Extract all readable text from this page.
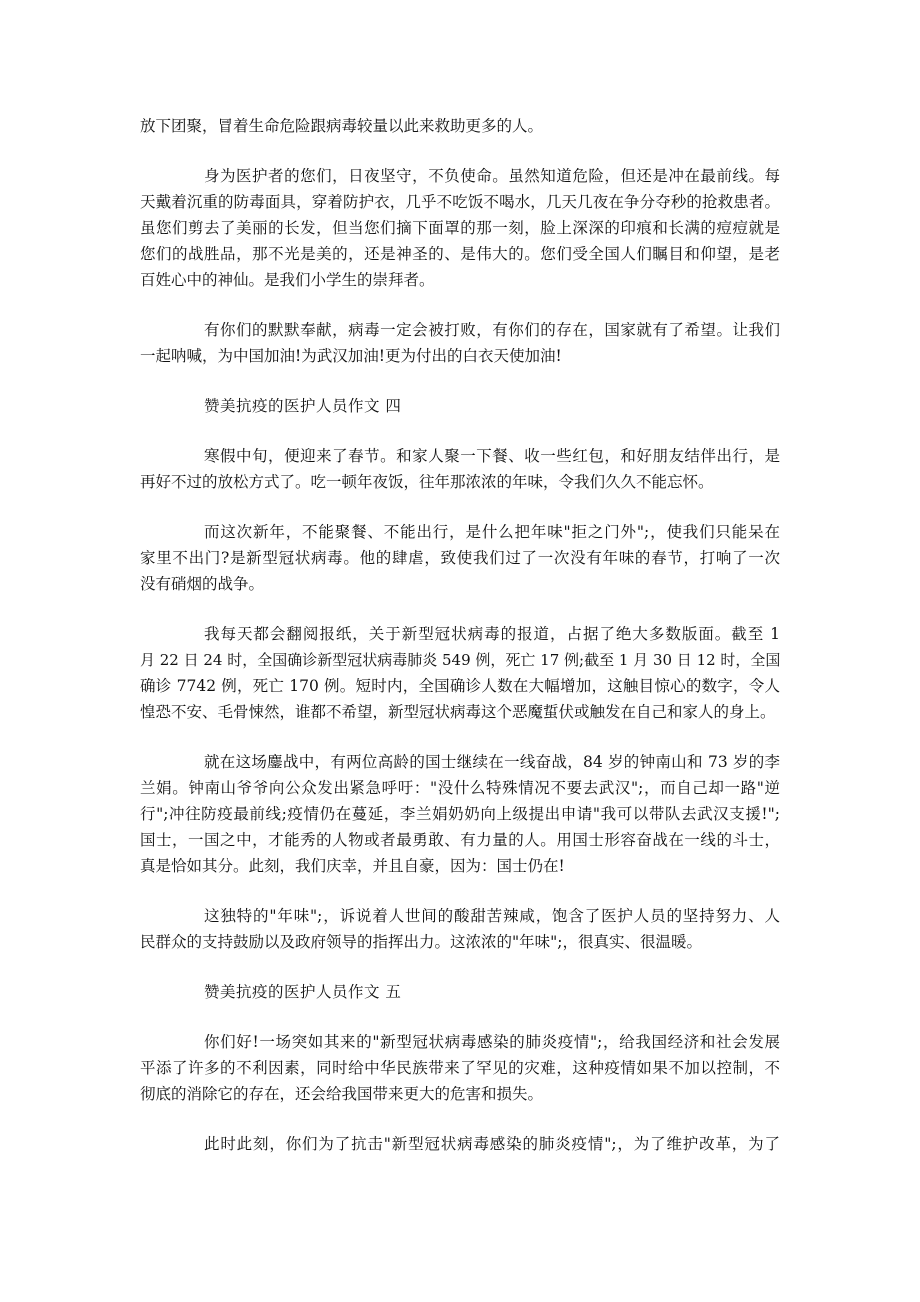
放下团聚，冒着生命危险跟病毒较量以此来救助更多的人。
身为医护者的您们，日夜坚守，不负使命。虽然知道危险，但还是冲在最前线。每
天戴着沉重的防毒面具，穿着防护衣，几乎不吃饭不喝水，几天几夜在争分夺秒的抢救患者。
虽您们剪去了美丽的长发，但当您们摘下面罩的那一刻，脸上深深的印痕和长满的痘痘就是
您们的战胜品，那不光是美的，还是神圣的、是伟大的。您们受全国人们瞩目和仰望，是老
百姓心中的神仙。是我们小学生的崇拜者。
有你们的默默奉献，病毒一定会被打败，有你们的存在，国家就有了希望。让我们
一起呐喊，为中国加油!为武汉加油!更为付出的白衣天使加油!
赞美抗疫的医护人员作文 四
寒假中旬，便迎来了春节。和家人聚一下餐、收一些红包，和好朋友结伴出行，是
再好不过的放松方式了。吃一顿年夜饭，往年那浓浓的年味，令我们久久不能忘怀。
而这次新年，不能聚餐、不能出行，是什么把年味"拒之门外";，使我们只能呆在
家里不出门?是新型冠状病毒。他的肆虐，致使我们过了一次没有年味的春节，打响了一次
没有硝烟的战争。
我每天都会翻阅报纸，关于新型冠状病毒的报道，占据了绝大多数版面。截至 1
月 22 日 24 时，全国确诊新型冠状病毒肺炎 549 例，死亡 17 例;截至 1 月 30 日 12 时，全国
确诊 7742 例，死亡 170 例。短时内，全国确诊人数在大幅增加，这触目惊心的数字，令人
惶恐不安、毛骨悚然，谁都不希望，新型冠状病毒这个恶魔蜇伏或触发在自己和家人的身上。
就在这场鏖战中，有两位高龄的国士继续在一线奋战，84 岁的钟南山和 73 岁的李
兰娟。钟南山爷爷向公众发出紧急呼吁："没什么特殊情况不要去武汉";，而自己却一路"逆
行";冲往防疫最前线;疫情仍在蔓延，李兰娟奶奶向上级提出申请"我可以带队去武汉支援!";
国士，一国之中，才能秀的人物或者最勇敢、有力量的人。用国士形容奋战在一线的斗士，
真是恰如其分。此刻，我们庆幸，并且自豪，因为：国士仍在!
这独特的"年味";，诉说着人世间的酸甜苦辣咸，饱含了医护人员的坚持努力、人
民群众的支持鼓励以及政府领导的指挥出力。这浓浓的"年味";，很真实、很温暖。
赞美抗疫的医护人员作文 五
你们好!一场突如其来的"新型冠状病毒感染的肺炎疫情";，给我国经济和社会发展
平添了许多的不利因素，同时给中华民族带来了罕见的灾难，这种疫情如果不加以控制，不
彻底的消除它的存在，还会给我国带来更大的危害和损失。
此时此刻，你们为了抗击"新型冠状病毒感染的肺炎疫情";，为了维护改革，为了
